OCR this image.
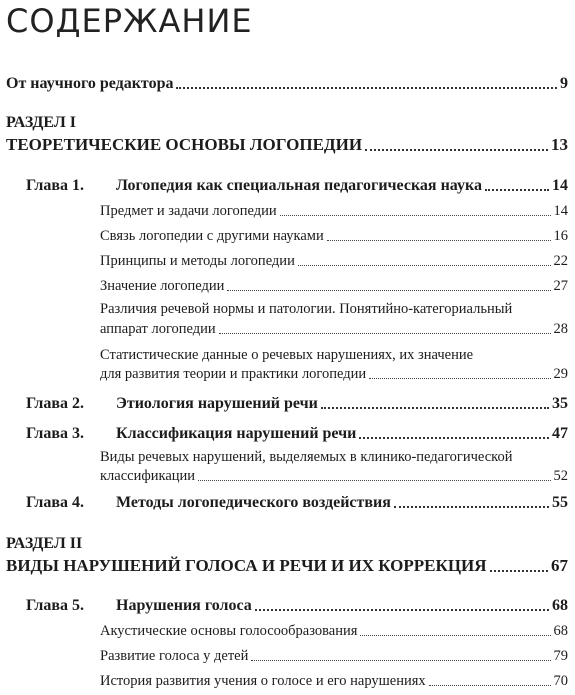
СОДЕРЖАНИЕ
От научного редактора	9
РАЗДЕЛ I
ТЕОРЕТИЧЕСКИЕ ОСНОВЫ ЛОГОПЕДИИ	13
Глава 1.	Логопедия как специальная педагогическая наука	14
Предмет и задачи логопедии	14
Связь логопедии с другими науками	16
Принципы и методы логопедии	22
Значение логопедии	27
Различия речевой нормы и патологии. Понятийно-категориальный
аппарат логопедии	28
Статистические данные о речевых нарушениях, их значение
для развития теории и практики логопедии	29
Глава 2.	Этиология нарушений речи	35
Глава 3.	Классификация нарушений речи	47
Виды речевых нарушений, выделяемых в клинико-педагогической
классификации	52
Глава 4.	Методы логопедического воздействия	55
РАЗДЕЛ II
ВИДЫ НАРУШЕНИЙ ГОЛОСА И РЕЧИ И ИХ КОРРЕКЦИЯ	67
Глава 5.	Нарушения голоса	68
Акустические основы голосообразования	68
Развитие голоса у детей	79
История развития учения о голосе и его нарушениях	70
